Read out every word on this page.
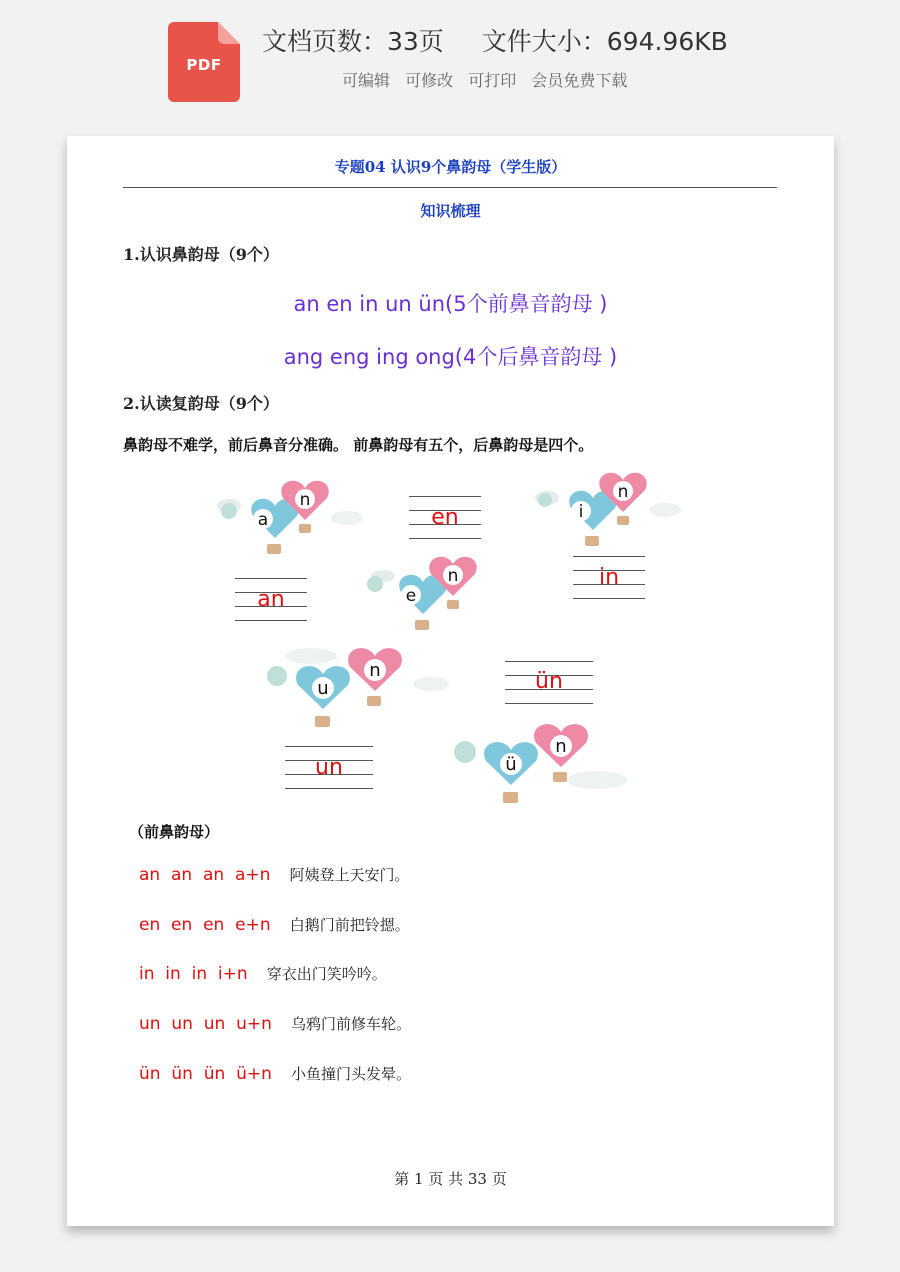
PDF
文档页数：33页 文件大小：694.96KB
可编辑 可修改 可打印 会员免费下载
专题04 认识9个鼻韵母（学生版）
知识梳理
1.认识鼻韵母（9个）
an en in un ün(5个前鼻音韵母 )
ang eng ing ong(4个后鼻音韵母 )
2.认读复韵母（9个）
鼻韵母不难学，前后鼻音分准确。 前鼻韵母有五个，后鼻韵母是四个。
a
n
i
n
e
n
u
n
ü
n
en
in
an
ün
un
（前鼻韵母）
an  an  an  a+n 阿姨登上天安门。
en  en  en  e+n 白鹅门前把铃摁。
in  in  in  i+n 穿衣出门笑吟吟。
un  un  un  u+n 乌鸦门前修车轮。
ün  ün  ün  ü+n 小鱼撞门头发晕。
第 1 页 共 33 页
